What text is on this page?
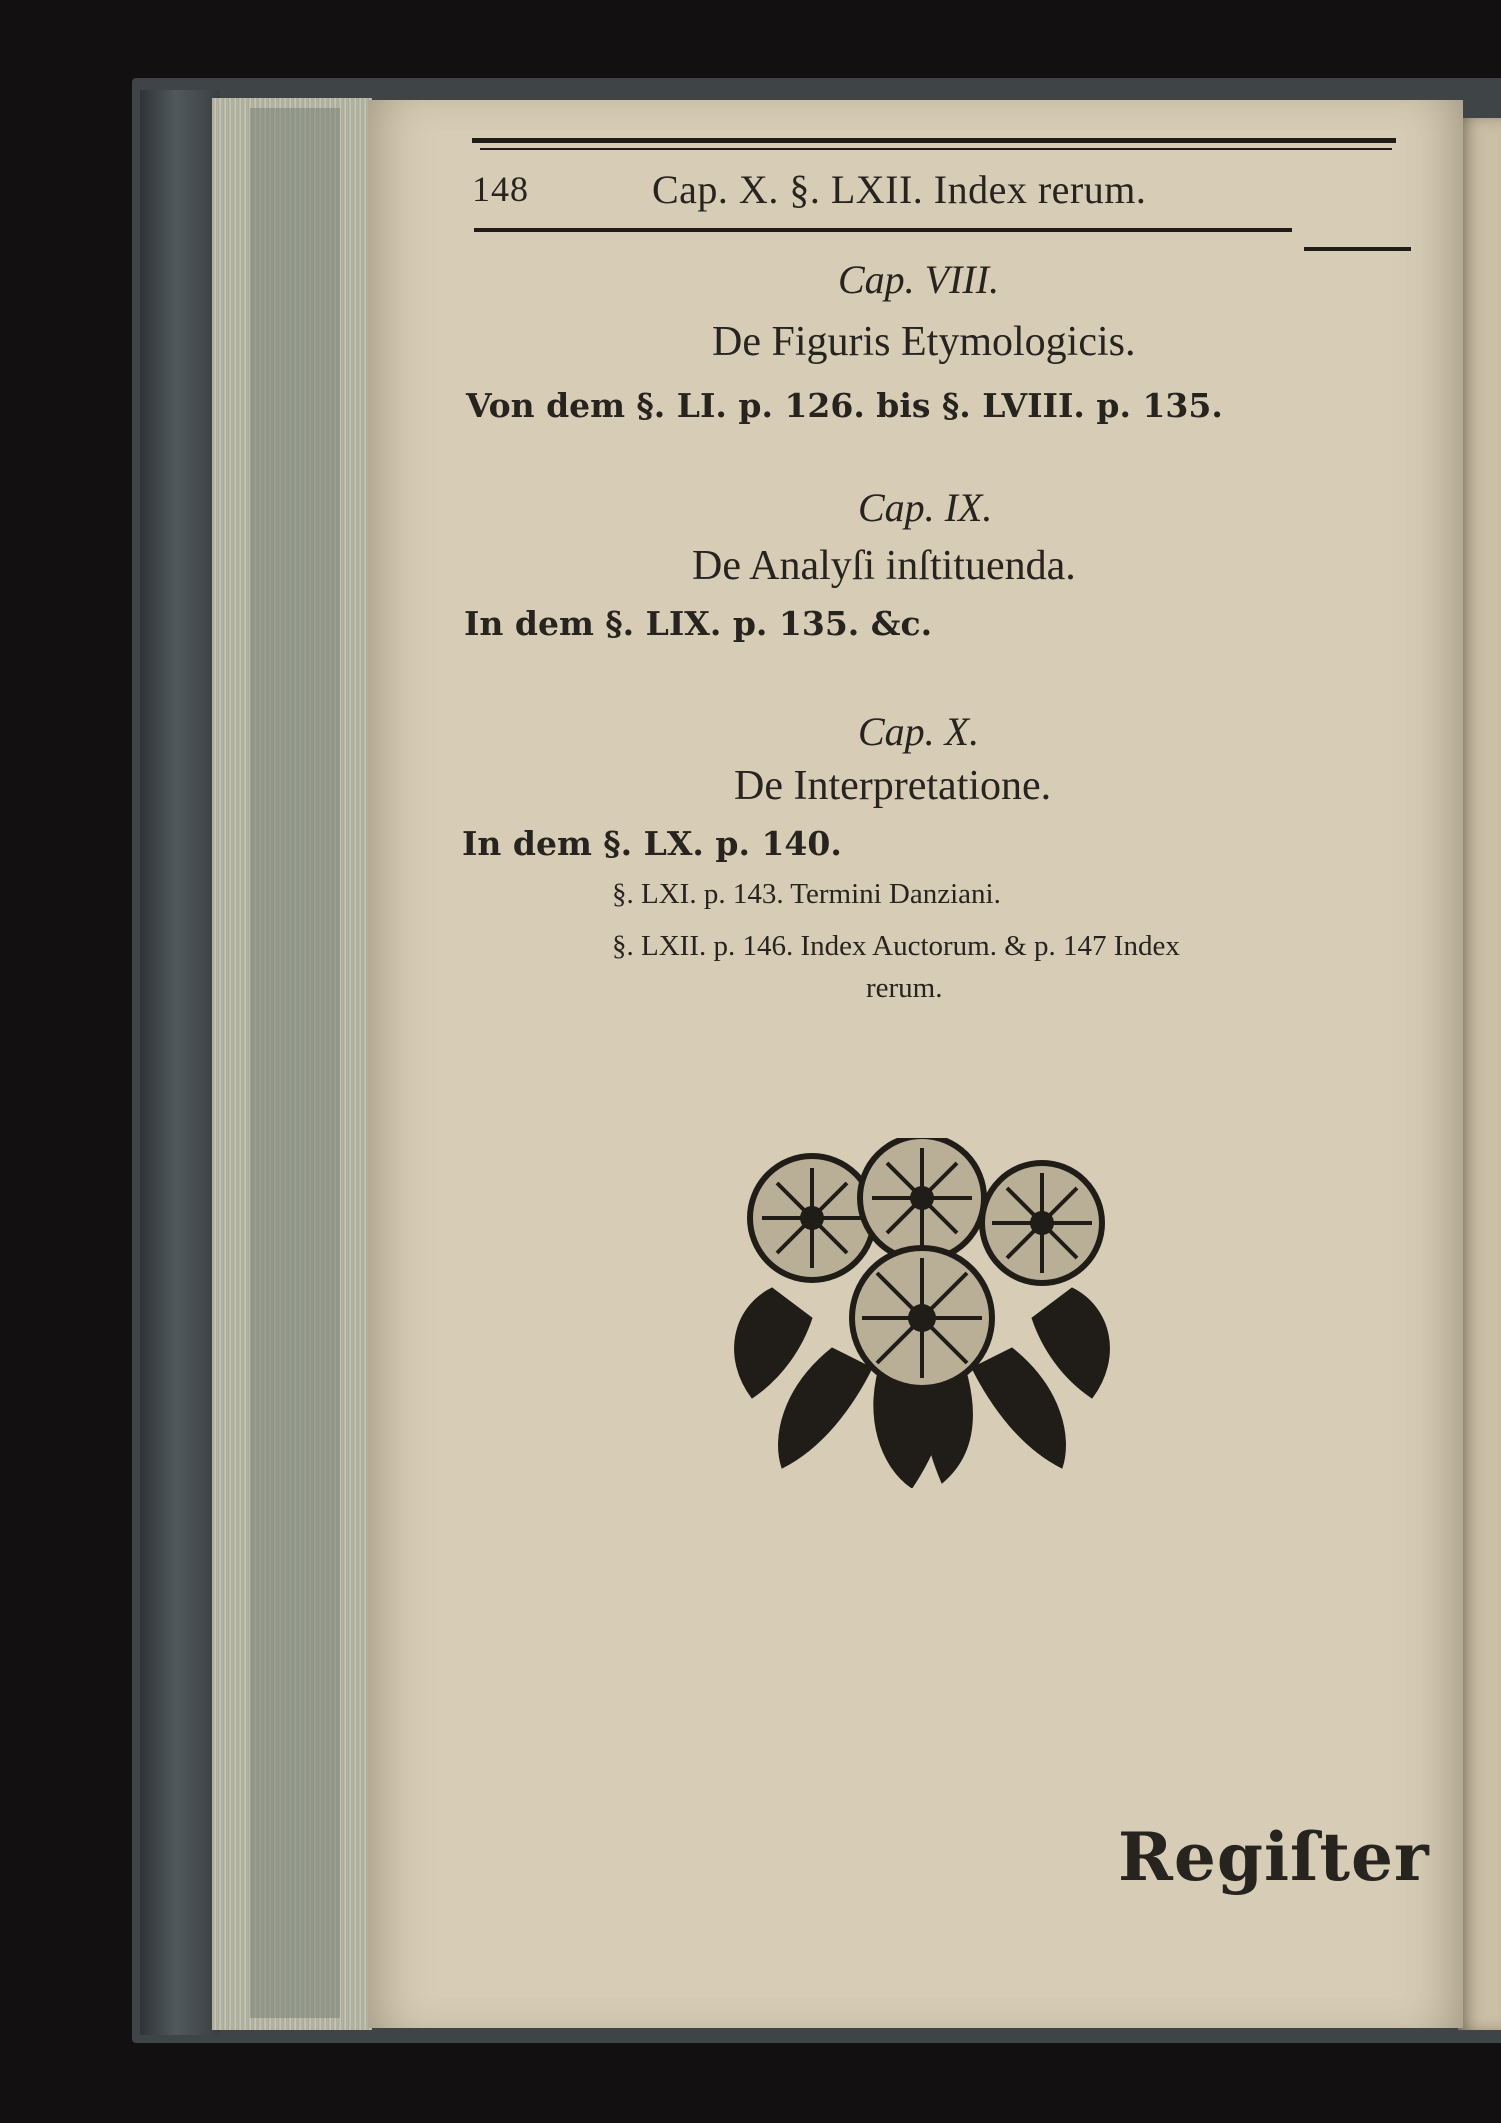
148	Cap. X. §. LXII. Index rerum.
Cap. VIII.
De Figuris Etymologicis.
Von dem §. LI. p. 126. bis §. LVIII. p. 135.
Cap. IX.
De Analyſi inſtituenda.
In dem §. LIX. p. 135. &c.
Cap. X.
De Interpretatione.
In dem §. LX. p. 140.
§. LXI. p. 143. Termini Danziani.
§. LXII. p. 146. Index Auctorum. & p. 147 Index
rerum.
Regiſter
